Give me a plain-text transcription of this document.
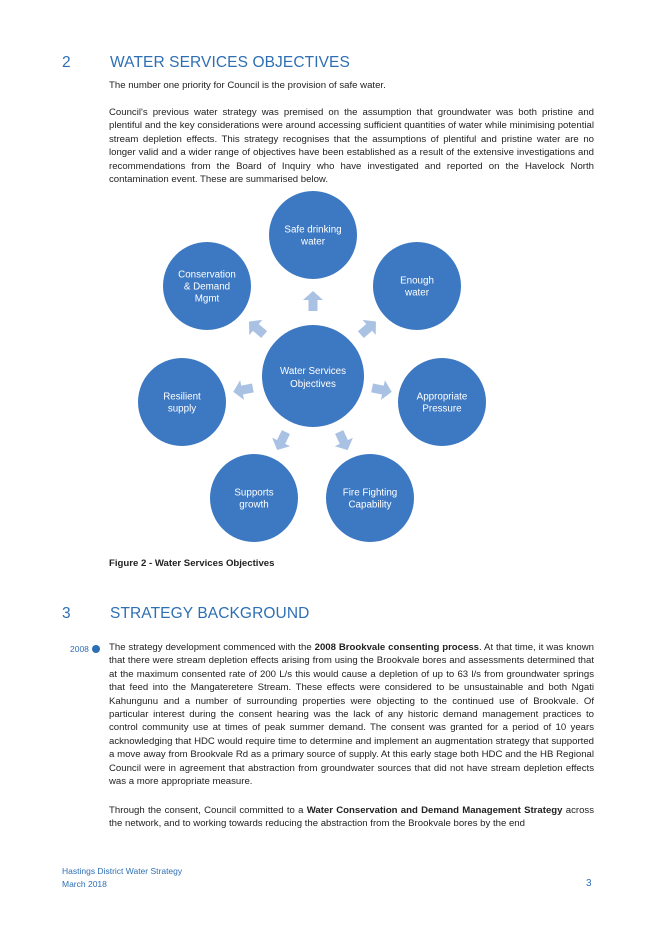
2	WATER SERVICES OBJECTIVES
The number one priority for Council is the provision of safe water.
Council's previous water strategy was premised on the assumption that groundwater was both pristine and plentiful and the key considerations were around accessing sufficient quantities of water while minimising potential stream depletion effects. This strategy recognises that the assumptions of plentiful and pristine water are no longer valid and a wider range of objectives have been established as a result of the extensive investigations and recommendations from the Board of Inquiry who have investigated and reported on the Havelock North contamination event. These are summarised below.
Safe drinking
water
Enough
water
Appropriate
Pressure
Fire Fighting
Capability
Supports
growth
Resilient
supply
Conservation
& Demand
Mgmt
Water Services
Objectives
Figure 2 - Water Services Objectives
3	STRATEGY BACKGROUND
2008 The strategy development commenced with the 2008 Brookvale consenting process. At that time, it was known that there were stream depletion effects arising from using the Brookvale bores and assessments determined that at the maximum consented rate of 200 L/s this would cause a depletion of up to 63 l/s from groundwater springs that feed into the Mangateretere Stream. These effects were considered to be unsustainable and both Ngati Kahungunu and a number of surrounding properties were objecting to the continued use of Brookvale. Of particular interest during the consent hearing was the lack of any historic demand management practices to control community use at times of peak summer demand. The consent was granted for a period of 10 years acknowledging that HDC would require time to determine and implement an augmentation strategy that supported a move away from Brookvale Rd as a primary source of supply. At this early stage both HDC and the HB Regional Council were in agreement that abstraction from groundwater sources that did not have stream depletion effects was a more appropriate measure.
Through the consent, Council committed to a Water Conservation and Demand Management Strategy across the network, and to working towards reducing the abstraction from the Brookvale bores by the end
Hastings District Water Strategy
March 2018	3
